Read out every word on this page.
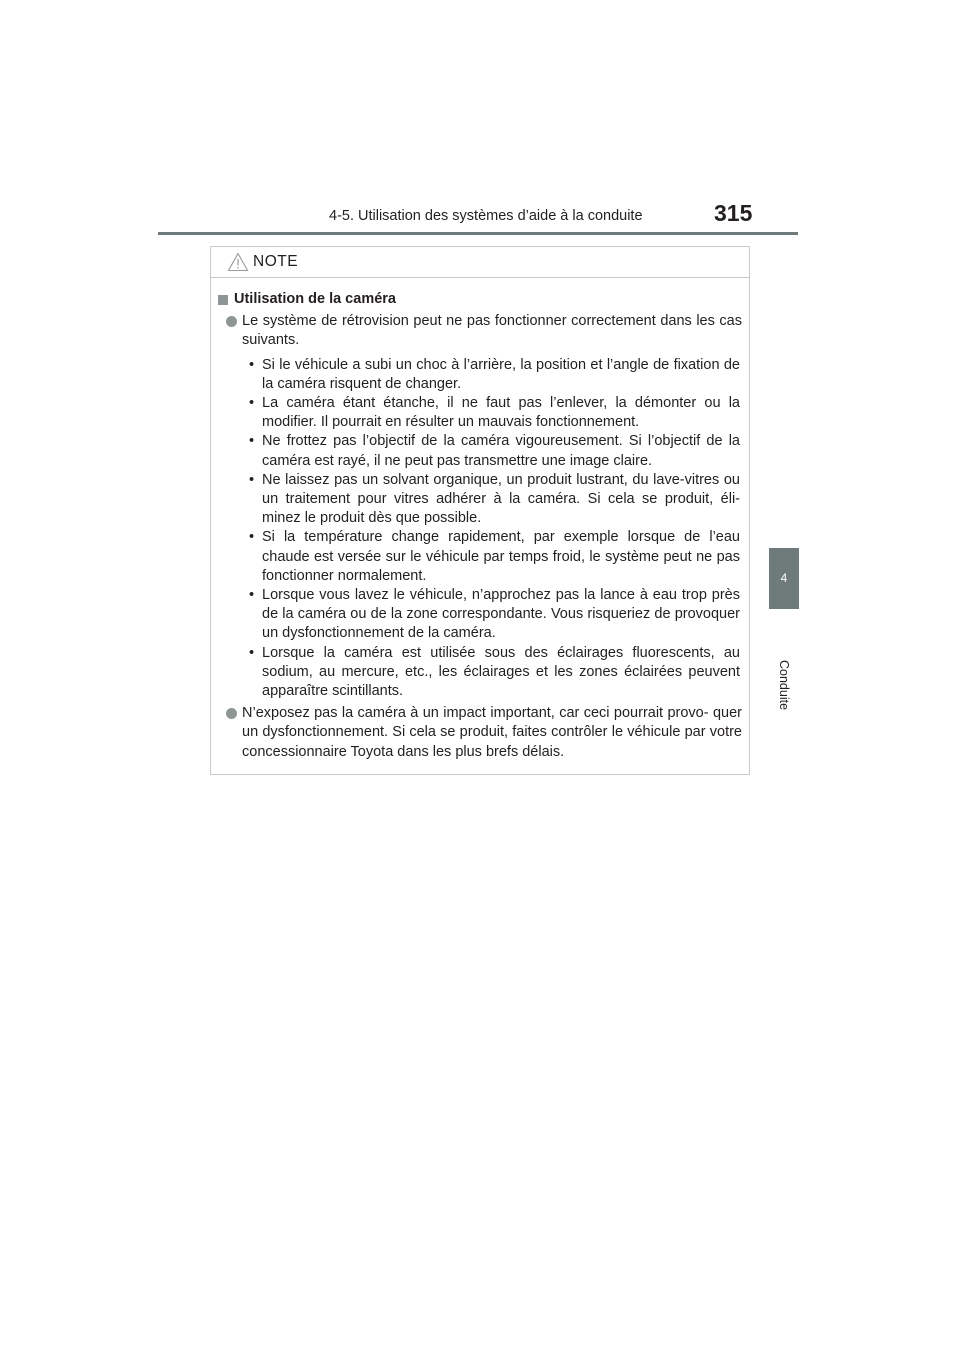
4-5. Utilisation des systèmes d’aide à la conduite	315
4
Conduite
NOTE
Utilisation de la caméra
Le système de rétrovision peut ne pas fonctionner correctement dans les cas suivants.
• Si le véhicule a subi un choc à l’arrière, la position et l’angle de fixation de la caméra risquent de changer.
• La caméra étant étanche, il ne faut pas l’enlever, la démonter ou la modifier. Il pourrait en résulter un mauvais fonctionnement.
• Ne frottez pas l’objectif de la caméra vigoureusement. Si l’objectif de la caméra est rayé, il ne peut pas transmettre une image claire.
• Ne laissez pas un solvant organique, un produit lustrant, du lave-vitres ou un traitement pour vitres adhérer à la caméra. Si cela se produit, éli- minez le produit dès que possible.
• Si la température change rapidement, par exemple lorsque de l’eau chaude est versée sur le véhicule par temps froid, le système peut ne pas fonctionner normalement.
• Lorsque vous lavez le véhicule, n’approchez pas la lance à eau trop près de la caméra ou de la zone correspondante. Vous risqueriez de provoquer un dysfonctionnement de la caméra.
• Lorsque la caméra est utilisée sous des éclairages fluorescents, au sodium, au mercure, etc., les éclairages et les zones éclairées peuvent apparaître scintillants.
N’exposez pas la caméra à un impact important, car ceci pourrait provo- quer un dysfonctionnement. Si cela se produit, faites contrôler le véhicule par votre concessionnaire Toyota dans les plus brefs délais.
